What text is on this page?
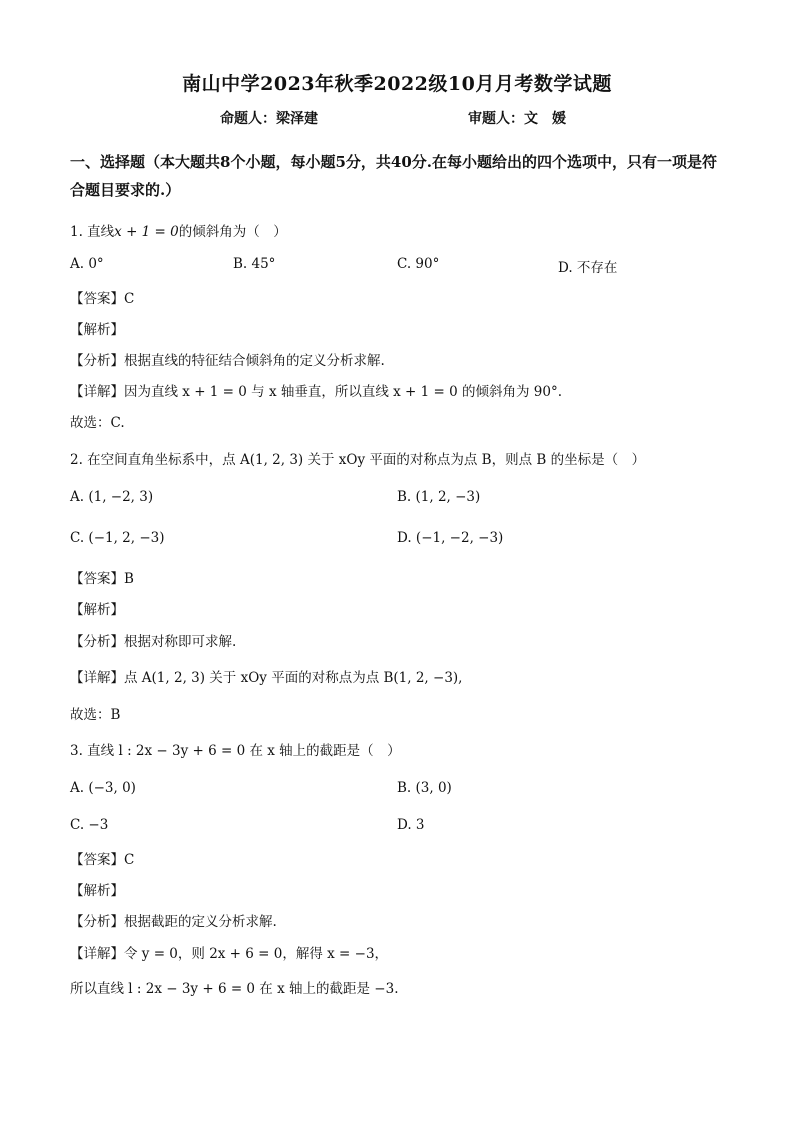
南山中学2023年秋季2022级10月月考数学试题
命题人：梁泽建	审题人：文　媛
一、选择题（本大题共8个小题，每小题5分，共40分.在每小题给出的四个选项中，只有一项是符合题目要求的.）
1. 直线x + 1 = 0的倾斜角为（　）
A. 0°	B. 45°	C. 90°	D. 不存在
【答案】C
【解析】
【分析】根据直线的特征结合倾斜角的定义分析求解.
【详解】因为直线 x + 1 = 0 与 x 轴垂直，所以直线 x + 1 = 0 的倾斜角为 90°.
故选：C.
2. 在空间直角坐标系中，点 A(1, 2, 3) 关于 xOy 平面的对称点为点 B，则点 B 的坐标是（　）
A. (1, −2, 3)	B. (1, 2, −3)
C. (−1, 2, −3)	D. (−1, −2, −3)
【答案】B
【解析】
【分析】根据对称即可求解.
【详解】点 A(1, 2, 3) 关于 xOy 平面的对称点为点 B(1, 2, −3),
故选：B
3. 直线 l : 2x − 3y + 6 = 0 在 x 轴上的截距是（　）
A. (−3, 0)	B. (3, 0)
C. −3	D. 3
【答案】C
【解析】
【分析】根据截距的定义分析求解.
【详解】令 y = 0，则 2x + 6 = 0，解得 x = −3，
所以直线 l : 2x − 3y + 6 = 0 在 x 轴上的截距是 −3.
